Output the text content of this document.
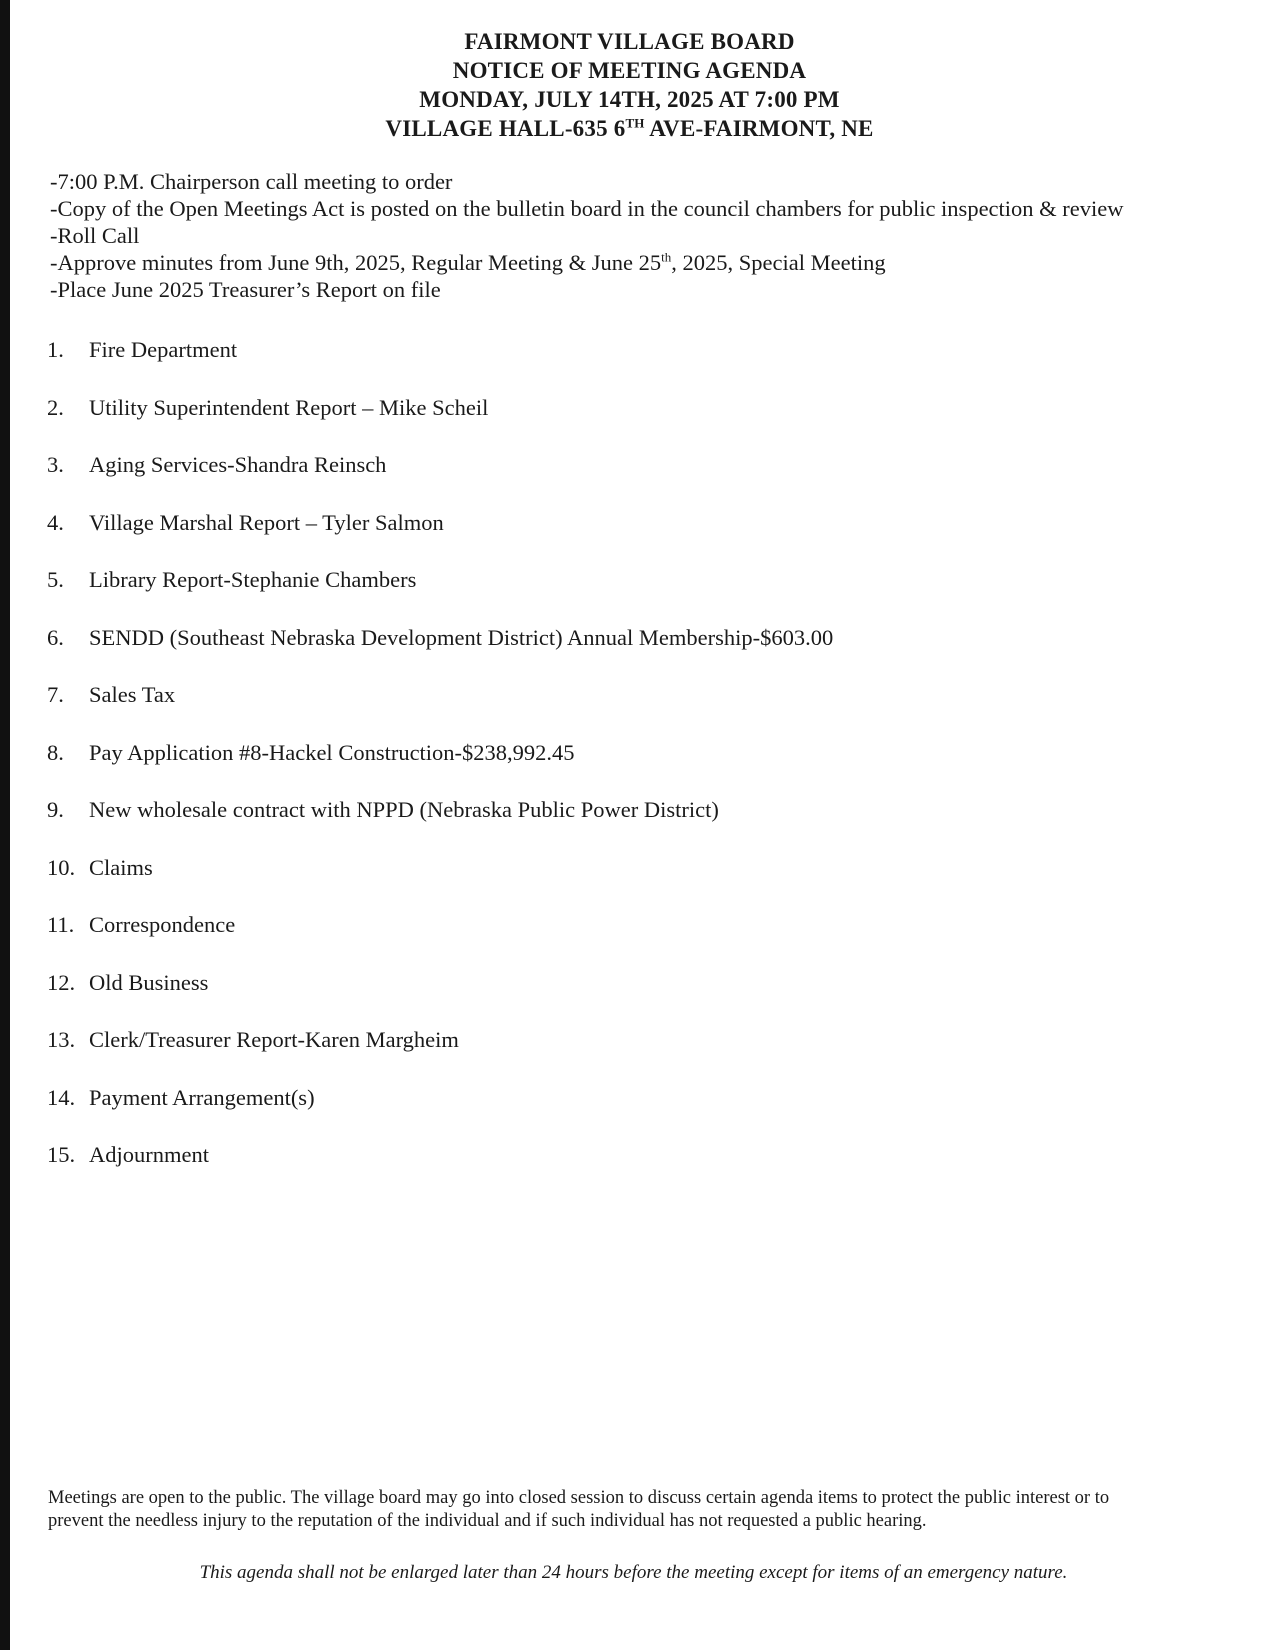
FAIRMONT VILLAGE BOARD
NOTICE OF MEETING AGENDA
MONDAY, JULY 14TH, 2025 AT 7:00 PM
VILLAGE HALL-635 6TH AVE-FAIRMONT, NE
-7:00 P.M. Chairperson call meeting to order
-Copy of the Open Meetings Act is posted on the bulletin board in the council chambers for public inspection & review
-Roll Call
-Approve minutes from June 9th, 2025, Regular Meeting & June 25th, 2025, Special Meeting
-Place June 2025 Treasurer’s Report on file
1.	Fire Department
2.	Utility Superintendent Report – Mike Scheil
3.	Aging Services-Shandra Reinsch
4.	Village Marshal Report – Tyler Salmon
5.	Library Report-Stephanie Chambers
6.	SENDD (Southeast Nebraska Development District) Annual Membership-$603.00
7.	Sales Tax
8.	Pay Application #8-Hackel Construction-$238,992.45
9.	New wholesale contract with NPPD (Nebraska Public Power District)
10. Claims
11. Correspondence
12. Old Business
13. Clerk/Treasurer Report-Karen Margheim
14. Payment Arrangement(s)
15. Adjournment
Meetings are open to the public. The village board may go into closed session to discuss certain agenda items to protect the public interest or to
prevent the needless injury to the reputation of the individual and if such individual has not requested a public hearing.
This agenda shall not be enlarged later than 24 hours before the meeting except for items of an emergency nature.
